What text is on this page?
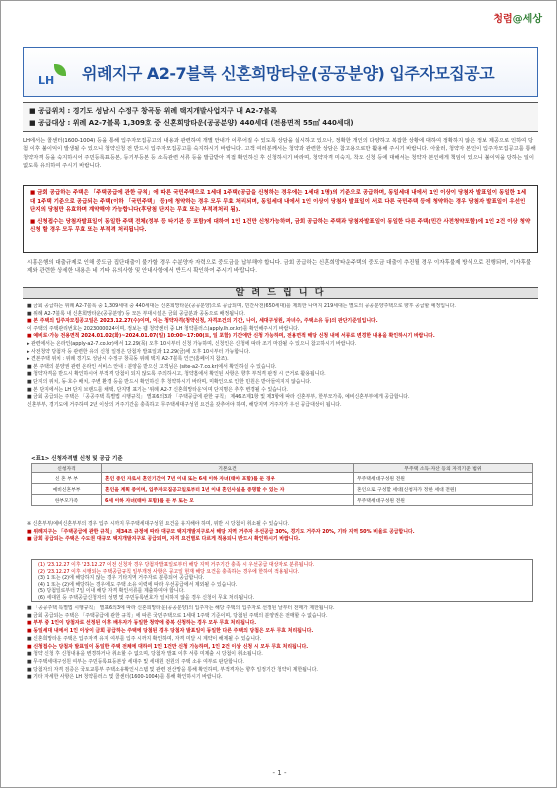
청렴@세상
LH 위례지구 A2-7블록 신혼희망타운(공공분양) 입주자모집공고
■ 공급위치 : 경기도 성남시 수정구 창곡동 위례 택지개발사업지구 내 A2-7블록
■ 공급대상 : 위례 A2-7블록 1,309호 중 신혼희망타운(공공분양) 440세대 (전용면적 55㎡ 440세대)
LH에서는 콜센터(1600-1004) 등을 통해 입주자모집공고의 내용과 관련하여 개별 안내가 이루어질 수 있도록 상담을 실시하고 있으나, 정확한 개인의 다양하고 복잡한 상황에 대하여 정확하지 않은 정보 제공으로 인하여 당첨 이후 불이익이 발생될 수 있으니 청약신청 전 반드시 입주자모집공고를 숙지하시기 바랍니다. 고객 여러분께서는 청약과 관련한 상담은 참고용으로만 활용해 주시기 바랍니다. 아울러, 청약자 본인이 입주자모집공고를 통해 청약자격 등을 숙지하시어 주민등록표등본, 등기부등본 등 소득관련 서류 등을 발급받아 직접 확인하신 후 신청하시기 바라며, 청약자격 미숙지, 착오 신청 등에 대해서는 청약자 본인에게 책임이 있으니 불이익을 당하는 일이 없도록 유의하여 주시기 바랍니다.

■ 금회 공급하는 주택은 「주택공급에 관한 규칙」에 따른 국민주택으로 1세대 1주택(공급을 신청하는 경우에는 1세대 1명)의 기준으로 공급하며, 동일세대 내에서 1인 이상이 당첨자 발표일이 동일한 1세대 1주택 기준으로 공급되는 주택(이하 「국민주택」 등)에 청약하는 경우 모두 무효 처리되며, 동일세대 내에서 1인 이상이 당첨자 발표일이 서로 다른 국민주택 등에 청약하는 경우 당첨자 발표일이 우선인 단지의 당첨만 유효하며 계약해야 가능합니다(후당첨 단지는 무효 또는 부적격처리 됨).

■ 신청접수는 당첨자발표일이 동일한 주택 전체(정부 등 타기관 등 포함)에 대하여 1인 1건만 신청가능하며, 금회 공급하는 주택과 당첨자발표일이 동일한 다른 주택(민간 사전청약포함)에 1인 2건 이상 청약신청 할 경우 모두 무효 또는 부적격 처리됩니다.

시흥은행의 대출규제로 인해 중도금 집단대출이 불가할 경우 수분양자 자력으로 중도금을 납부해야 합니다. 금회 공급하는 신혼희망타운주택의 중도금 대출이 추진될 경우 이자후불제 방식으로 진행되며, 이자후불제와 관련한 상세한 내용은 네 기타 유의사항 및 안내사항에서 반드시 확인하여 주시기 바랍니다.
알 려 드 립 니 다

■ 금회 공급하는 위례 A2-7블록 중 1,309세대 중 440세대는 신혼희망타운(공공분양)으로 공급되며, 민간사전(650세대)를 제외한 나머지 219세대는 별도의 공공분양주택으로 향후 공급할 예정입니다.

■ 위례 A2-7블록 내 신혼희망타운(공공분양) 등 모든 부대시설은 금회 공급분과 공동으로 배정됩니다.

■ 본 주택의 입주자모집공고일은 2023.12.27(수)이며, 이는 청약자격(청약신청, 자격조건의 기간, 나이, 세대구성원, 자녀수, 주택소유 등)의 판단기준일입니다.

이 주택의 주택관리번호는 2023000024이며, 정보는 웹 청약센터 중 LH 청약플러스(apply.lh.or.kr)를 확인해주시기 바랍니다.

■ 예비로·가능 전용면적 2024.01.02(화)~2024.01.07(일) 10:00~17:00(토, 일 포함) 기간에만 신청 가능하며, 전용면적 해당 신청 내에 서류로 변경한 내용을 확인하시기 바랍니다.

▸ 관련에서는 온라인(apply-a2-7.co.kr)에서 12.29(목) 오후 10시부터 신청 가능하며, 신청인은 신청에 따라 조기 마감될 수 있으니 참고하시기 바랍니다.

▸ 사전청약 당첨자 등 관련한 유의 신청 일정은 당첨자 발표일과 12.29(금)에 오후 10시부터 가능합니다.

▸ 견본주택 위치 : 위례 경기도 성남시 수정구 창곡동 위례 택지 A2-7블록 인근(홈페이지 참조).

■ 본 주택의 분양권 관련 온라인 서비스 안내 : 분양을 받으신 고객님은 (site-a2-7.co.kr)에서 확인하실 수 있습니다.

■ 청약자격을 반드시 확인하시어 부적격 당첨이 되지 않도록 주의하시고, 청약홈에서 확인된 사항은 향후 부적격 판정 시 근거로 활용됩니다.

■ 단지의 위치, 동·호수 배치, 주변 환경 등을 반드시 확인하신 후 청약하시기 바라며, 미확인으로 인한 민원은 받아들여지지 않습니다.

■ 본 단지에서는 LH 단지 브랜드를 채택, 단지명 표기는 '위례 A2-7 신혼희망타운'이며 단지명은 추후 변경될 수 있습니다.

■ 금회 공급되는 주택은 「공공주택 특별법 시행규칙」 별표6의3과 「주택공급에 관한 규칙」 제46조제1항 및 제3항에 따라 신혼부부, 한부모가족, 예비신혼부부에게 공급합니다.

신혼부부, 경기도에 거주하며 2년 이상의 거주기간을 충족하고 무주택세대구성원 요건을 갖추어야 하며, 해당지역 거주자가 우선 공급대상이 됩니다.

<표1> 신청자격별 신청 및 공급 기준
신청자격	기본요건	무주택 소득·자산 등의 자격기준 범위
신 혼 부 부	혼인 중인 자로서 혼인기간이 7년 이내 또는 6세 이하 자녀(태아 포함)를 둔 경우	무주택세대구성원 전원
예비신혼부부	혼인을 계획 중이며, 입주자모집공고일로부터 1년 이내 혼인사실을 증명할 수 있는 자	혼인으로 구성할 세대(신청자가 정한 세대 전원)
한부모가족	6세 이하 자녀(태아 포함)를 둔 부 또는 모	무주택세대구성원 전원

※ 신혼부부/예비신혼부부의 경우 입주 시까지 무주택세대구성원 요건을 유지해야 하며, 위반 시 당첨이 취소될 수 있습니다.

■ 위례지구는 「주택공급에 관한 규칙」 제34조 규정에 따라 대규모 택지개발지구로서 해당 지역 거주자 우선공급 30%, 경기도 거주자 20%, 기타 지역 50% 비율로 공급합니다.

■ 금회 공급되는 주택은 수도권 대규모 택지개발지구로 공급되며, 자격 요건별로 다르게 적용되니 반드시 확인하시기 바랍니다.

(1) '23.12.27 이후 '23.12.27 이전 신청자 경우 당첨자발표일로부터 해당 지역 거주기간 충족 시 우선공급 대상자로 분류됩니다.

(2) '23.12.27 이후 시행되는 주택공급규칙 일부개정 사항은 공고일 현재 해당 요건을 충족하는 경우에 한하여 적용됩니다.

(3) 1 또는 (2)에 해당하지 않는 경우 기타지역 거주자로 분류되어 공급합니다.

(4) 1 또는 (2)에 해당하는 경우에도 주택 소유 이력에 따라 우선공급에서 제외될 수 있습니다.

(5) 당첨일로부터 7일 이내 해당 자격 확인서류를 제출하여야 합니다.

(6) 세대원 등 주택공급신청자의 성명 및 주민등록번호가 일치하지 않을 경우 신청이 무효 처리됩니다.

■ 「공공주택 특별법 시행규칙」 별표6의3에 따라 신혼희망타운(공공분양)의 입주자는 해당 주택의 입주자로 선정된 날부터 전매가 제한됩니다.

■ 금회 공급되는 주택은 「주택공급에 관한 규칙」에 따른 국민주택으로 1세대 1주택 기준이며, 당첨된 주택의 분양권은 전매할 수 없습니다.

■ 부부 중 1인이 당첨자로 선정된 이후 배우자가 동일한 청약에 중복 신청하는 경우 모두 무효 처리됩니다.

■ 동일세대 내에서 1인 이상이 금회 공급하는 주택에 당첨된 경우 당첨자 발표일이 동일한 다른 주택의 당첨은 모두 무효 처리됩니다.

■ 신혼희망타운 주택은 입주자격 유지 여부를 입주 시까지 확인하며, 자격 미달 시 계약이 해제될 수 있습니다.

■ 신청접수는 당첨자 발표일이 동일한 주택 전체에 대하여 1인 1건만 신청 가능하며, 1인 2건 이상 신청 시 모두 무효 처리됩니다.

■ 청약 신청 후 신청내용을 변경하거나 취소할 수 없으며, 당첨자 발표 이후 서류 미제출 시 당첨이 취소됩니다.

■ 무주택세대구성원 여부는 주민등록표등본상 세대주 및 세대원 전원의 주택 소유 여부로 판단합니다.

■ 당첨자의 자격 검증은 국토교통부 주택소유확인시스템 및 관련 전산망을 통해 확인하며, 부적격자는 향후 일정기간 청약이 제한됩니다.

■ 기타 자세한 사항은 LH 청약플러스 및 콜센터(1600-1004)를 통해 확인하시기 바랍니다.

- 1 -
